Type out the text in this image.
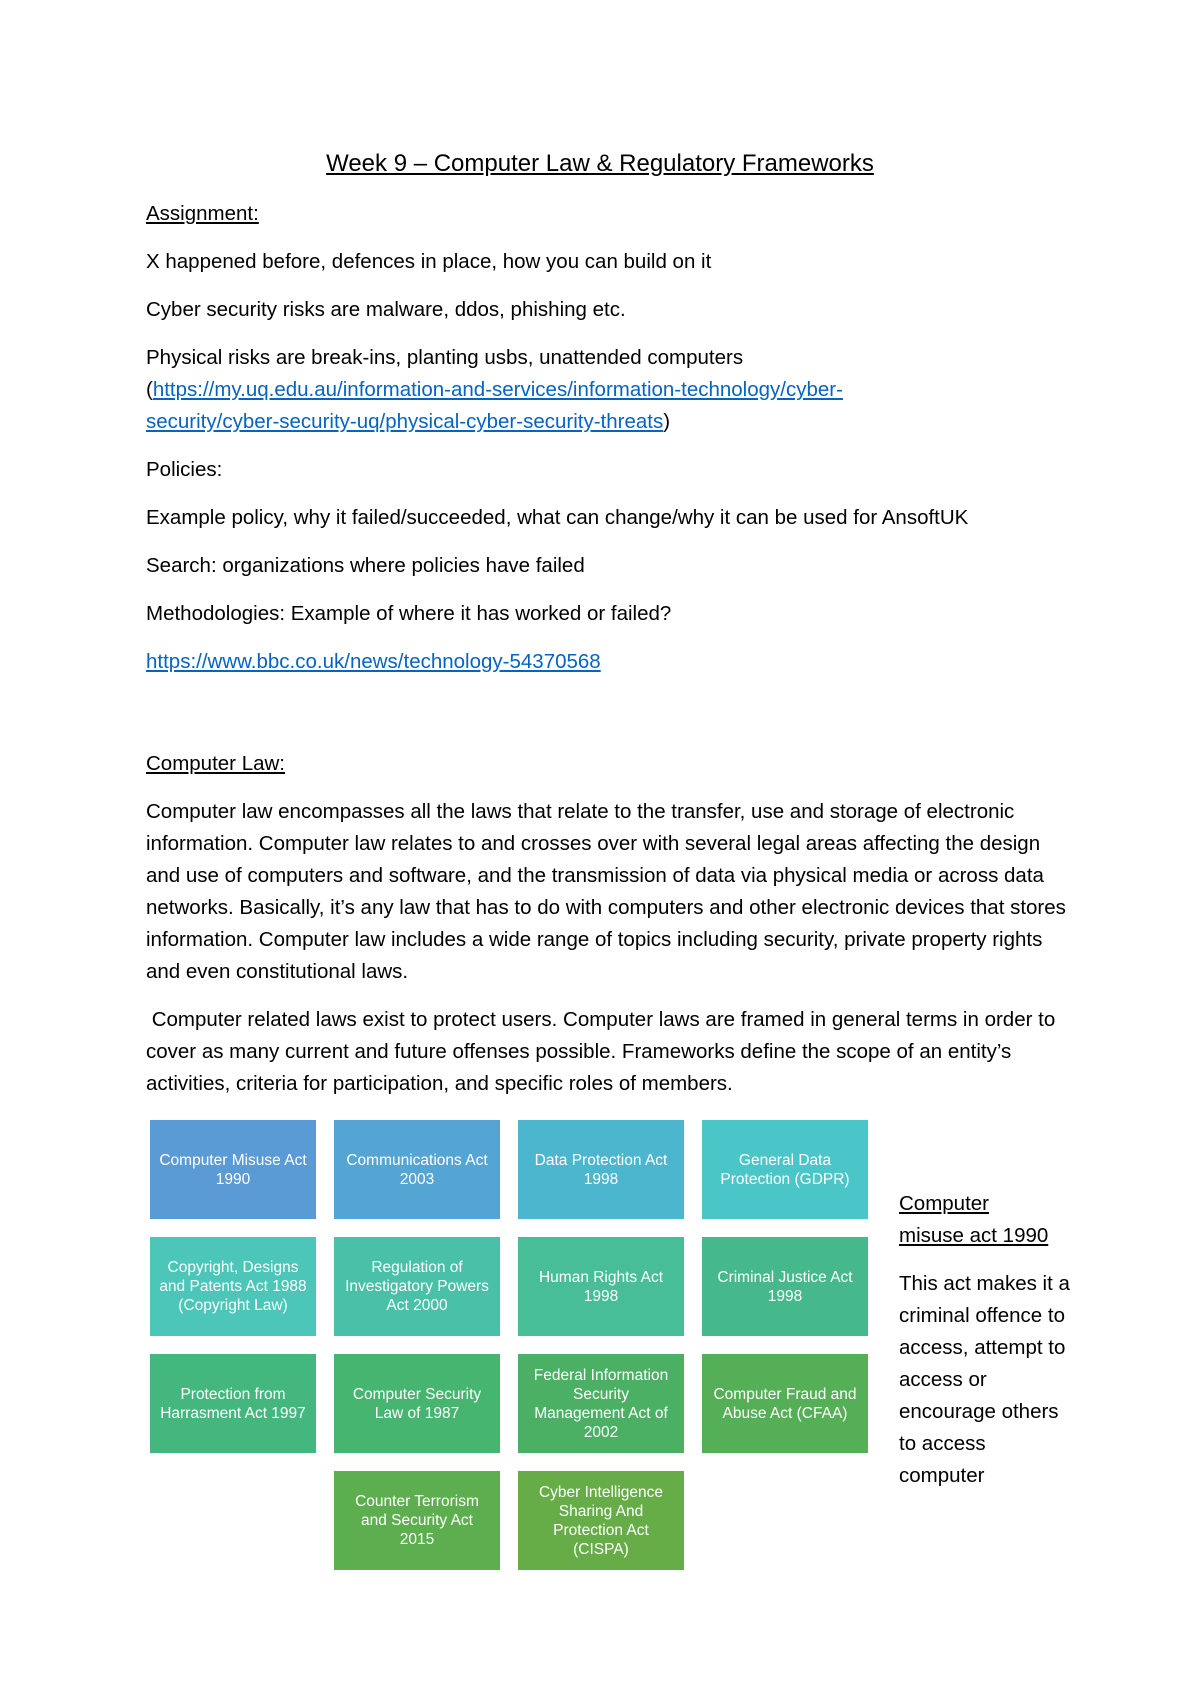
Week 9 – Computer Law & Regulatory Frameworks
Assignment:
X happened before, defences in place, how you can build on it
Cyber security risks are malware, ddos, phishing etc.
Physical risks are break-ins, planting usbs, unattended computers
(https://my.uq.edu.au/information-and-services/information-technology/cyber-
security/cyber-security-uq/physical-cyber-security-threats)
Policies:
Example policy, why it failed/succeeded, what can change/why it can be used for AnsoftUK
Search: organizations where policies have failed
Methodologies: Example of where it has worked or failed?
https://www.bbc.co.uk/news/technology-54370568
Computer Law:
Computer law encompasses all the laws that relate to the transfer, use and storage of electronic information. Computer law relates to and crosses over with several legal areas affecting the design and use of computers and software, and the transmission of data via physical media or across data networks. Basically, it’s any law that has to do with computers and other electronic devices that stores information. Computer law includes a wide range of topics including security, private property rights and even constitutional laws.
Computer related laws exist to protect users. Computer laws are framed in general terms in order to cover as many current and future offenses possible. Frameworks define the scope of an entity’s activities, criteria for participation, and specific roles of members.
Computer Misuse Act 1990
Communications Act 2003
Data Protection Act 1998
General Data Protection (GDPR)
Copyright, Designs and Patents Act 1988 (Copyright Law)
Regulation of Investigatory Powers Act 2000
Human Rights Act 1998
Criminal Justice Act 1998
Protection from Harrasment Act 1997
Computer Security Law of 1987
Federal Information Security Management Act of 2002
Computer Fraud and Abuse Act (CFAA)
Counter Terrorism and Security Act 2015
Cyber Intelligence Sharing And Protection Act (CISPA)
Computer
misuse act 1990
This act makes it a criminal offence to access, attempt to access or encourage others to access computer
